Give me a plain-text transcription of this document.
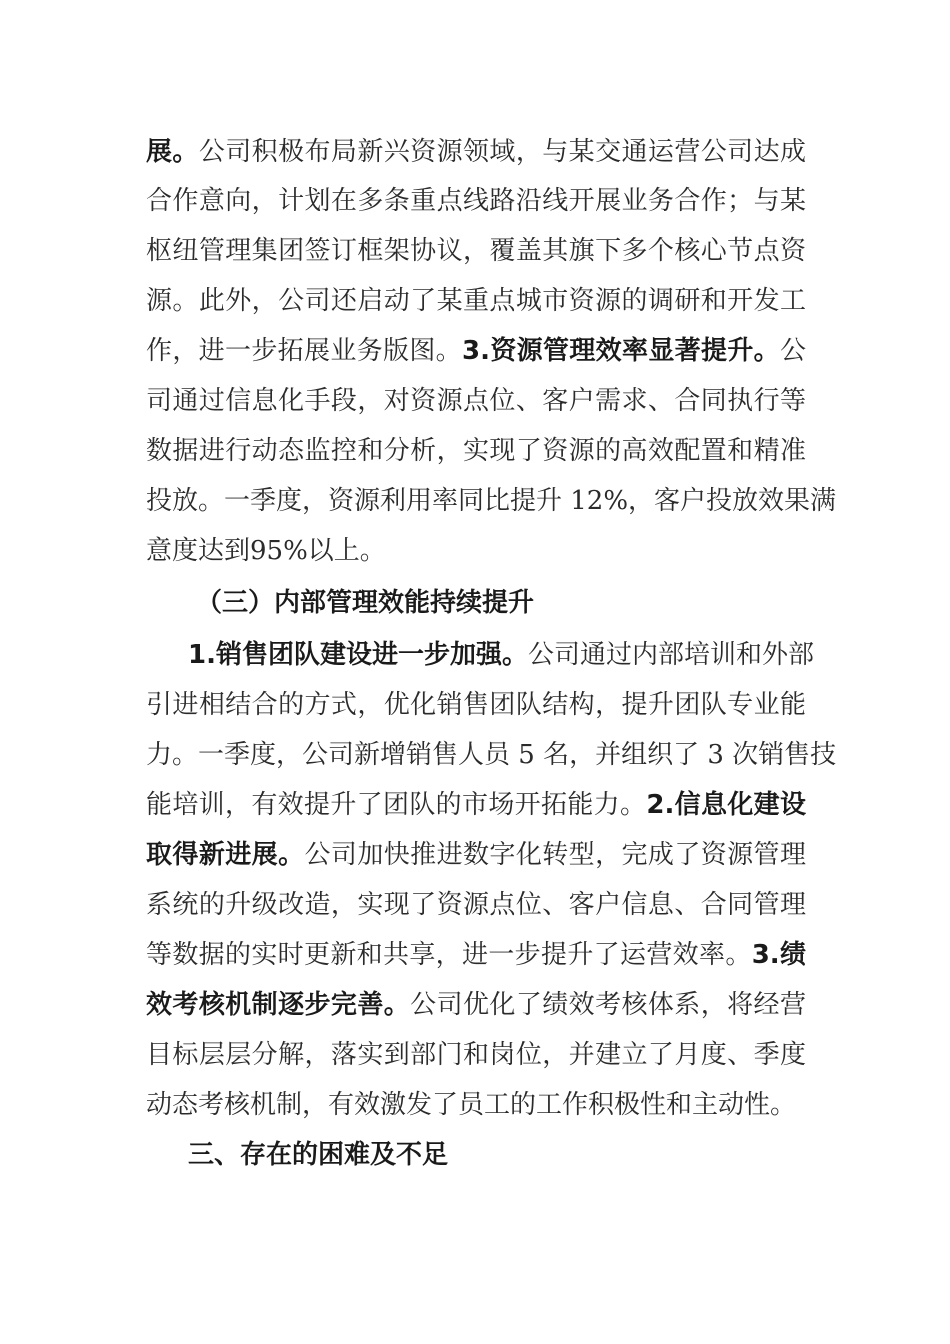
展。公司积极布局新兴资源领域，与某交通运营公司达成
合作意向，计划在多条重点线路沿线开展业务合作；与某
枢纽管理集团签订框架协议，覆盖其旗下多个核心节点资
源。此外，公司还启动了某重点城市资源的调研和开发工
作，进一步拓展业务版图。3.资源管理效率显著提升。公
司通过信息化手段，对资源点位、客户需求、合同执行等
数据进行动态监控和分析，实现了资源的高效配置和精准
投放。一季度，资源利用率同比提升 12%，客户投放效果满
意度达到95%以上。
（三）内部管理效能持续提升
1.销售团队建设进一步加强。公司通过内部培训和外部
引进相结合的方式，优化销售团队结构，提升团队专业能
力。一季度，公司新增销售人员 5 名，并组织了 3 次销售技
能培训，有效提升了团队的市场开拓能力。2.信息化建设
取得新进展。公司加快推进数字化转型，完成了资源管理
系统的升级改造，实现了资源点位、客户信息、合同管理
等数据的实时更新和共享，进一步提升了运营效率。3.绩
效考核机制逐步完善。公司优化了绩效考核体系，将经营
目标层层分解，落实到部门和岗位，并建立了月度、季度
动态考核机制，有效激发了员工的工作积极性和主动性。
三、存在的困难及不足
